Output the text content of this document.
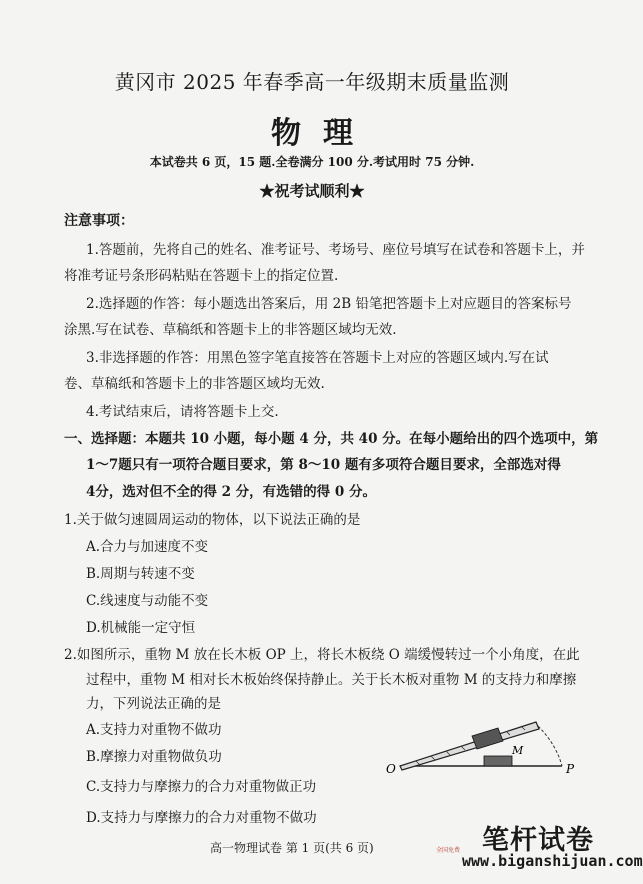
黄冈市 2025 年春季高一年级期末质量监测
物理
本试卷共 6 页，15 题.全卷满分 100 分.考试用时 75 分钟.
★祝考试顺利★
注意事项：
1.答题前，先将自己的姓名、准考证号、考场号、座位号填写在试卷和答题卡上，并
将准考证号条形码粘贴在答题卡上的指定位置.
2.选择题的作答：每小题选出答案后，用 2B 铅笔把答题卡上对应题目的答案标号
涂黑.写在试卷、草稿纸和答题卡上的非答题区域均无效.
3.非选择题的作答：用黑色签字笔直接答在答题卡上对应的答题区域内.写在试
卷、草稿纸和答题卡上的非答题区域均无效.
4.考试结束后，请将答题卡上交.
一、选择题：本题共 10 小题，每小题 4 分，共 40 分。在每小题给出的四个选项中，第
1～7题只有一项符合题目要求，第 8～10 题有多项符合题目要求，全部选对得
4分，选对但不全的得 2 分，有选错的得 0 分。
1.关于做匀速圆周运动的物体，以下说法正确的是
A.合力与加速度不变
B.周期与转速不变
C.线速度与动能不变
D.机械能一定守恒
2.如图所示，重物 M 放在长木板 OP 上，将长木板绕 O 端缓慢转过一个小角度，在此
过程中，重物 M 相对长木板始终保持静止。关于长木板对重物 M 的支持力和摩擦
力，下列说法正确的是
A.支持力对重物不做功
B.摩擦力对重物做负功
C.支持力与摩擦力的合力对重物做正功
D.支持力与摩擦力的合力对重物不做功
O	P
M
高一物理试卷 第 1 页(共 6 页)	笔杆试卷
全国免费
www.biganshijuan.com
